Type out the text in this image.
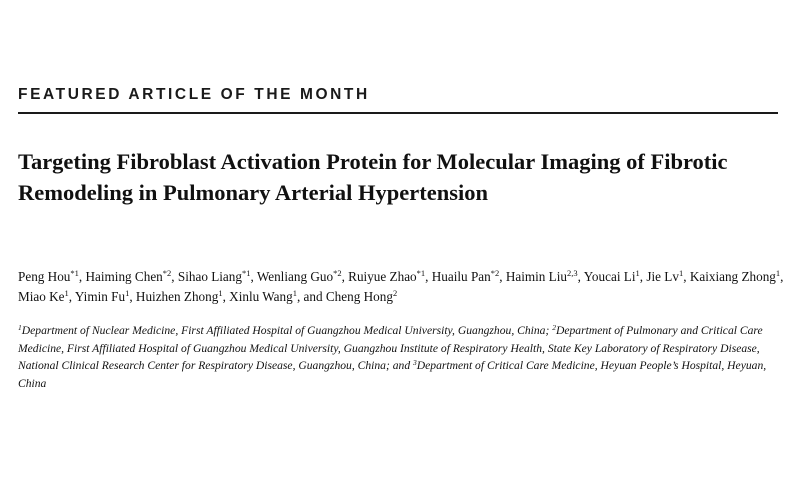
FEATURED ARTICLE OF THE MONTH
Targeting Fibroblast Activation Protein for Molecular Imaging of Fibrotic Remodeling in Pulmonary Arterial Hypertension
Peng Hou$^{*1}$, Haiming Chen$^{*2}$, Sihao Liang$^{*1}$, Wenliang Guo$^{*2}$, Ruiyue Zhao$^{*1}$, Huailu Pan$^{*2}$, Haimin Liu$^{2,3}$, Youcai Li$^1$, Jie Lv$^1$, Kaixiang Zhong$^1$, Miao Ke$^1$, Yimin Fu$^1$, Huizhen Zhong$^1$, Xinlu Wang$^1$, and Cheng Hong$^2$
$^1$Department of Nuclear Medicine, First Affiliated Hospital of Guangzhou Medical University, Guangzhou, China; $^2$Department of Pulmonary and Critical Care Medicine, First Affiliated Hospital of Guangzhou Medical University, Guangzhou Institute of Respiratory Health, State Key Laboratory of Respiratory Disease, National Clinical Research Center for Respiratory Disease, Guangzhou, China; and $^3$Department of Critical Care Medicine, Heyuan People’s Hospital, Heyuan, China
